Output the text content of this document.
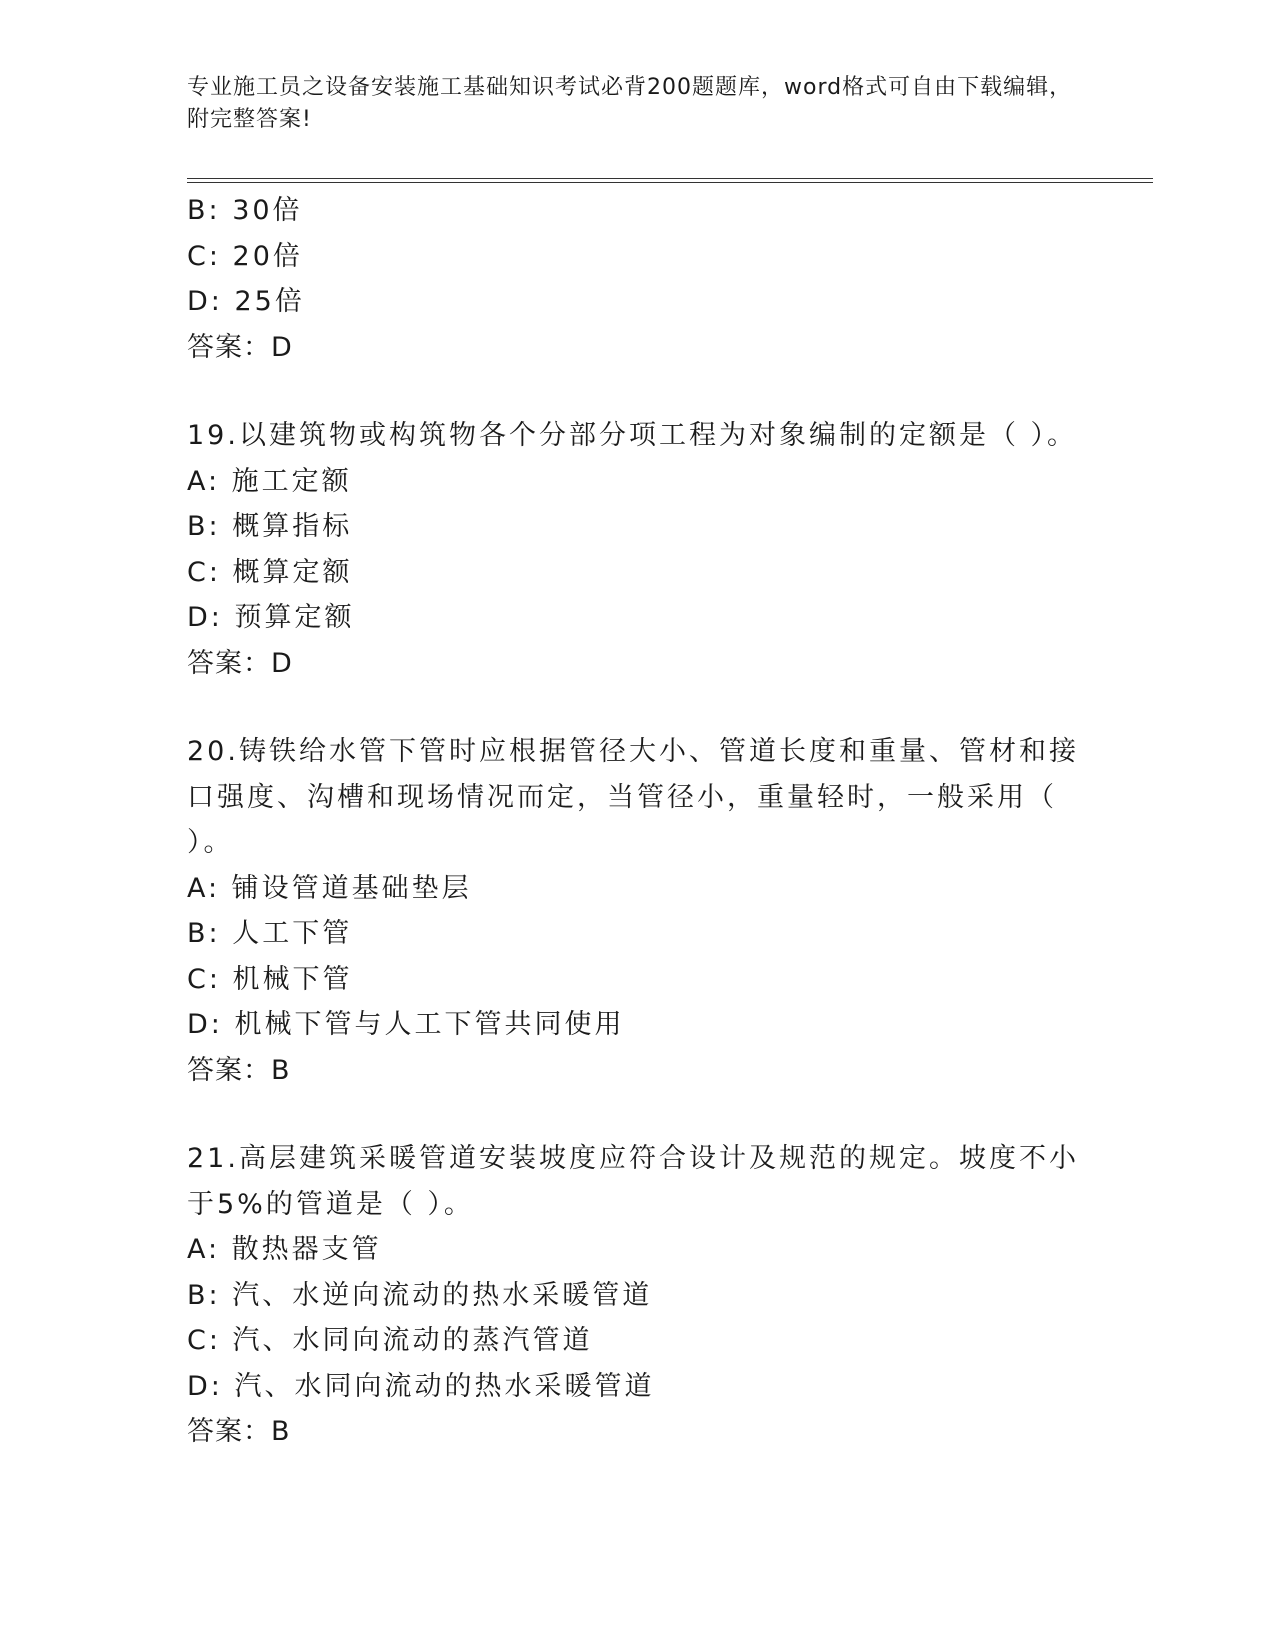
专业施工员之设备安装施工基础知识考试必背200题题库，word格式可自由下载编辑，附完整答案!
B: 30倍
C: 20倍
D: 25倍
答案：D
19.以建筑物或构筑物各个分部分项工程为对象编制的定额是（ ）。
A: 施工定额
B: 概算指标
C: 概算定额
D: 预算定额
答案：D
20.铸铁给水管下管时应根据管径大小、管道长度和重量、管材和接口强度、沟槽和现场情况而定，当管径小，重量轻时，一般采用（ ）。
A: 铺设管道基础垫层
B: 人工下管
C: 机械下管
D: 机械下管与人工下管共同使用
答案：B
21.高层建筑采暖管道安装坡度应符合设计及规范的规定。坡度不小于5%的管道是（ ）。
A: 散热器支管
B: 汽、水逆向流动的热水采暖管道
C: 汽、水同向流动的蒸汽管道
D: 汽、水同向流动的热水采暖管道
答案：B
